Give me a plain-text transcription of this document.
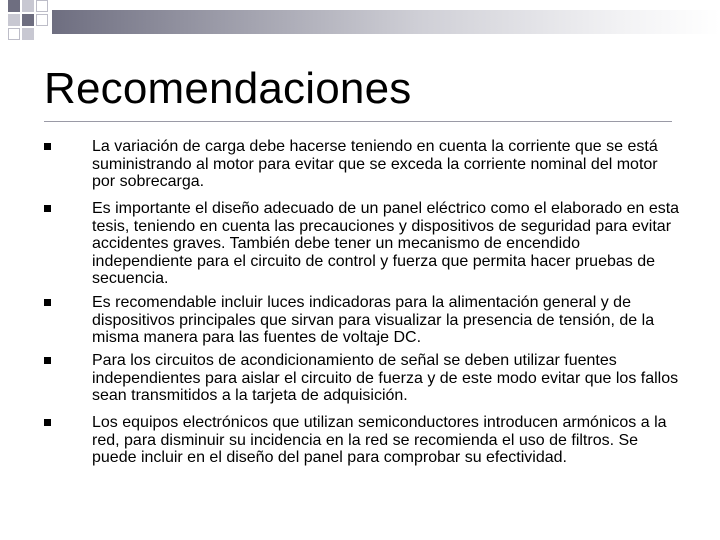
Recomendaciones

La variación de carga debe hacerse teniendo en cuenta la corriente que se está suministrando al motor para evitar que se exceda la corriente nominal del motor por sobrecarga.

Es importante el diseño adecuado de un panel eléctrico como el elaborado en esta tesis, teniendo en cuenta las precauciones y dispositivos de seguridad para evitar accidentes graves. También debe tener un mecanismo de encendido independiente para el circuito de control y fuerza que permita hacer pruebas de secuencia.

Es recomendable incluir luces indicadoras para la alimentación general y de dispositivos principales que sirvan para visualizar la presencia de tensión, de la misma manera para las fuentes de voltaje DC.

Para los circuitos de acondicionamiento de señal se deben utilizar fuentes independientes para aislar el circuito de fuerza y de este modo evitar que los fallos sean transmitidos a la tarjeta de adquisición.

Los equipos electrónicos que utilizan semiconductores introducen armónicos a la red, para disminuir su incidencia en la red se recomienda el uso de filtros. Se puede incluir en el diseño del panel para comprobar su efectividad.
